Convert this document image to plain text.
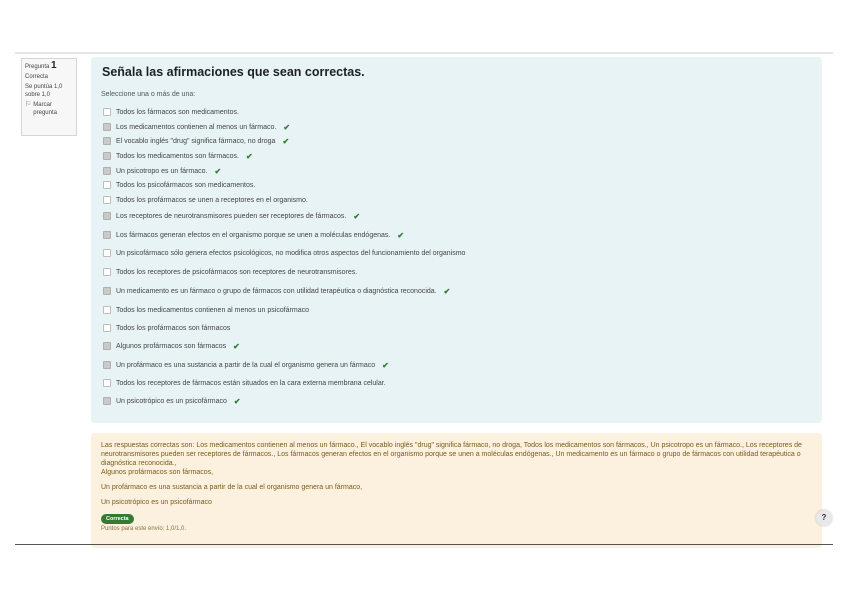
Pregunta 1
Correcta
Se puntúa 1,0 sobre 1,0
⚐ Marcar pregunta
Señala las afirmaciones que sean correctas.
Seleccione una o más de una:
Todos los fármacos son medicamentos.
Los medicamentos contienen al menos un fármaco. ✔
El vocablo inglés "drug" significa fármaco, no droga ✔
Todos los medicamentos son fármacos. ✔
Un psicotropo es un fármaco. ✔
Todos los psicofármacos son medicamentos.
Todos los profármacos se unen a receptores en el organismo.
Los receptores de neurotransmisores pueden ser receptores de fármacos. ✔
Los fármacos generan efectos en el organismo porque se unen a moléculas endógenas. ✔
Un psicofármaco sólo genera efectos psicológicos, no modifica otros aspectos del funcionamiento del organismo
Todos los receptores de psicofármacos son receptores de neurotransmisores.
Un medicamento es un fármaco o grupo de fármacos con utilidad terapéutica o diagnóstica reconocida. ✔
Todos los medicamentos contienen al menos un psicofármaco
Todos los profármacos son fármacos
Algunos profármacos son fármacos ✔
Un profármaco es una sustancia a partir de la cual el organismo genera un fármaco ✔
Todos los receptores de fármacos están situados en la cara externa membrana celular.
Un psicotrópico es un psicofármaco ✔

Las respuestas correctas son: Los medicamentos contienen al menos un fármaco., El vocablo inglés "drug" significa fármaco, no droga, Todos los medicamentos son fármacos., Un psicotropo es un fármaco., Los receptores de neurotransmisores pueden ser receptores de fármacos., Los fármacos generan efectos en el organismo porque se unen a moléculas endógenas., Un medicamento es un fármaco o grupo de fármacos con utilidad terapéutica o diagnóstica reconocida.,

Algunos profármacos son fármacos,

Un profármaco es una sustancia a partir de la cual el organismo genera un fármaco,

Un psicotrópico es un psicofármaco

Correcta
Puntos para este envío: 1,0/1,0.
?
